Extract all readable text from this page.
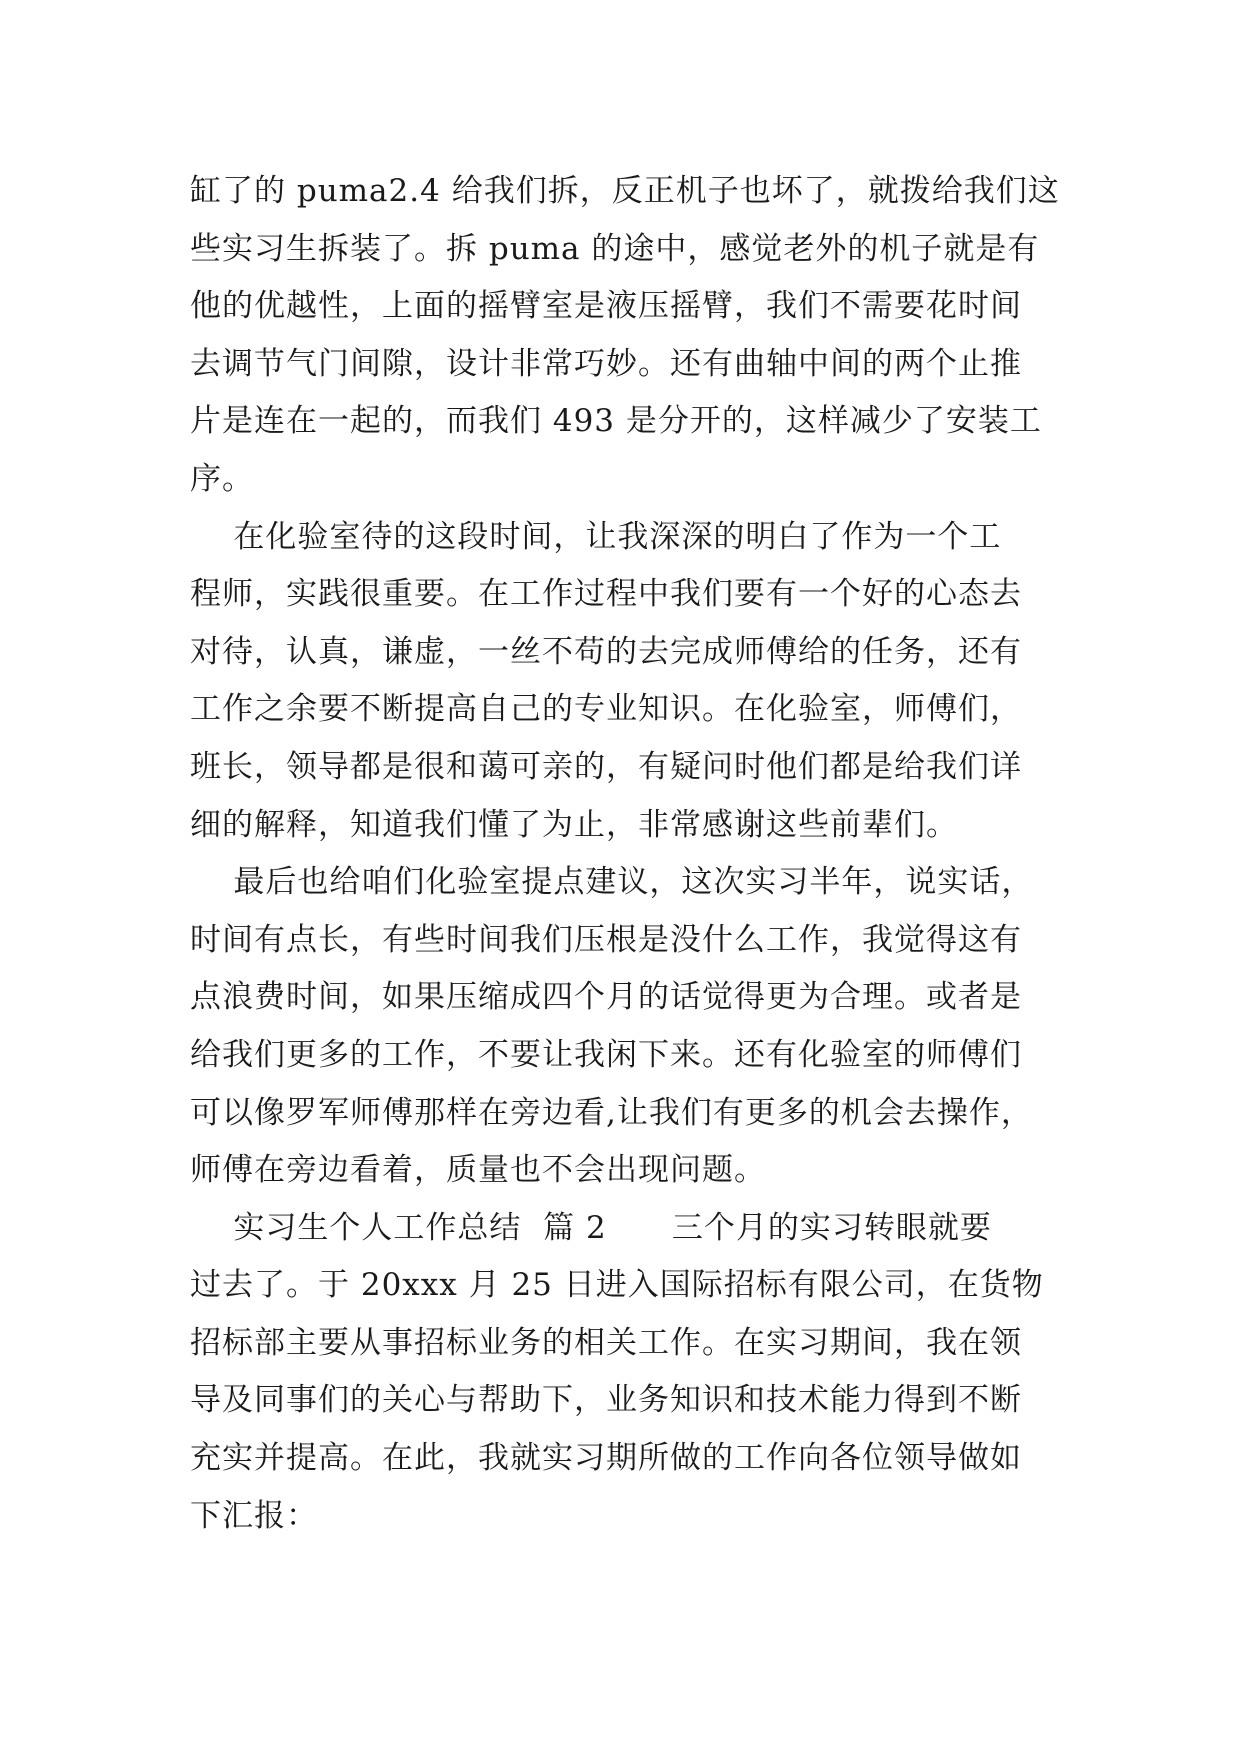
缸了的 puma2.4 给我们拆，反正机子也坏了，就拨给我们这
些实习生拆装了。拆 puma 的途中，感觉老外的机子就是有
他的优越性，上面的摇臂室是液压摇臂，我们不需要花时间
去调节气门间隙，设计非常巧妙。还有曲轴中间的两个止推
片是连在一起的，而我们 493 是分开的，这样减少了安装工
序。
在化验室待的这段时间，让我深深的明白了作为一个工
程师，实践很重要。在工作过程中我们要有一个好的心态去
对待，认真，谦虚，一丝不苟的去完成师傅给的任务，还有
工作之余要不断提高自己的专业知识。在化验室，师傅们，
班长，领导都是很和蔼可亲的，有疑问时他们都是给我们详
细的解释，知道我们懂了为止，非常感谢这些前辈们。
最后也给咱们化验室提点建议，这次实习半年，说实话，
时间有点长，有些时间我们压根是没什么工作，我觉得这有
点浪费时间，如果压缩成四个月的话觉得更为合理。或者是
给我们更多的工作，不要让我闲下来。还有化验室的师傅们
可以像罗军师傅那样在旁边看,让我们有更多的机会去操作，
师傅在旁边看着，质量也不会出现问题。
实习生个人工作总结  篇 2      三个月的实习转眼就要
过去了。于 20xxx 月 25 日进入国际招标有限公司，在货物
招标部主要从事招标业务的相关工作。在实习期间，我在领
导及同事们的关心与帮助下，业务知识和技术能力得到不断
充实并提高。在此，我就实习期所做的工作向各位领导做如
下汇报：
